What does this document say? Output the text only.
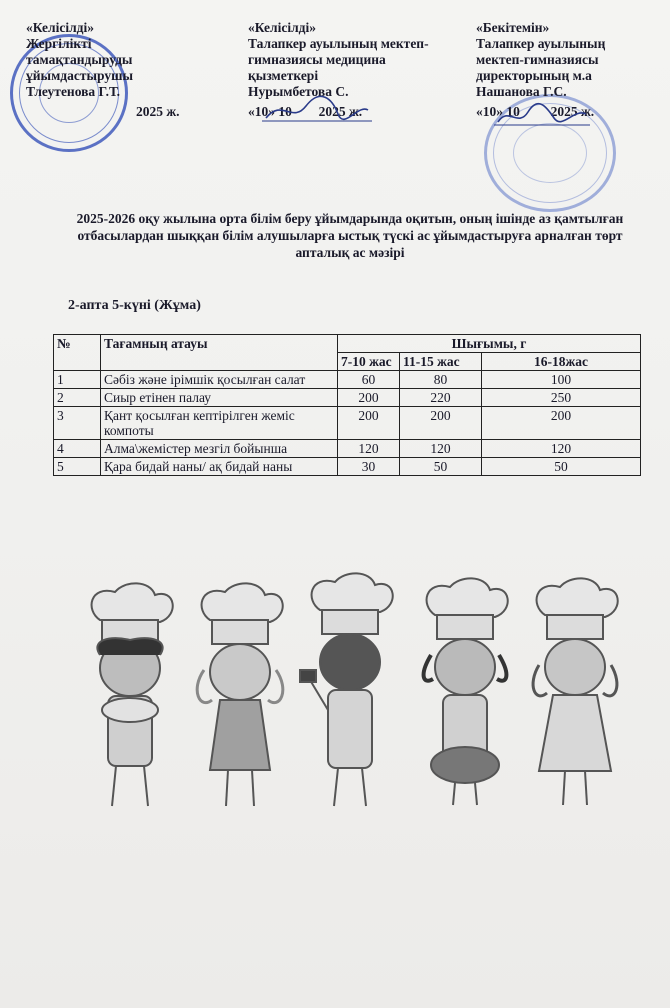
«Келісілді»
Жергілікті
тамақтандыруды
ұйымдастырушы
Тлеутенова Г.Т.
2025 ж.
«Келісілді»
Талапкер ауылының мектеп-
гимназиясы медицина
қызметкері
Нурымбетова С.
«10» 10 2025 ж.
«Бекітемін»
Талапкер ауылының
мектеп-гимназиясы
директорының м.а
Нашанова Г.С.
«10» 10 2025 ж.
2025-2026 оқу жылына орта білім беру ұйымдарында оқитын, оның ішінде аз қамтылған отбасылардан шыққан білім алушыларға ыстық түскі ас ұйымдастыруға арналған төрт апталық ас мәзірі
2-апта 5-күні (Жұма)
№	Тағамның атауы	Шығымы, г		
		7-10 жас	11-15 жас	16-18жас
1	Сәбіз және ірімшік қосылған салат	60	80	100
2	Сиыр етінен палау	200	220	250
3	Қант қосылған кептірілген жеміс компоты	200	200	200
4	Алма\жемістер мезгіл бойынша	120	120	120
5	Қара бидай наны/ ақ бидай наны	30	50	50
